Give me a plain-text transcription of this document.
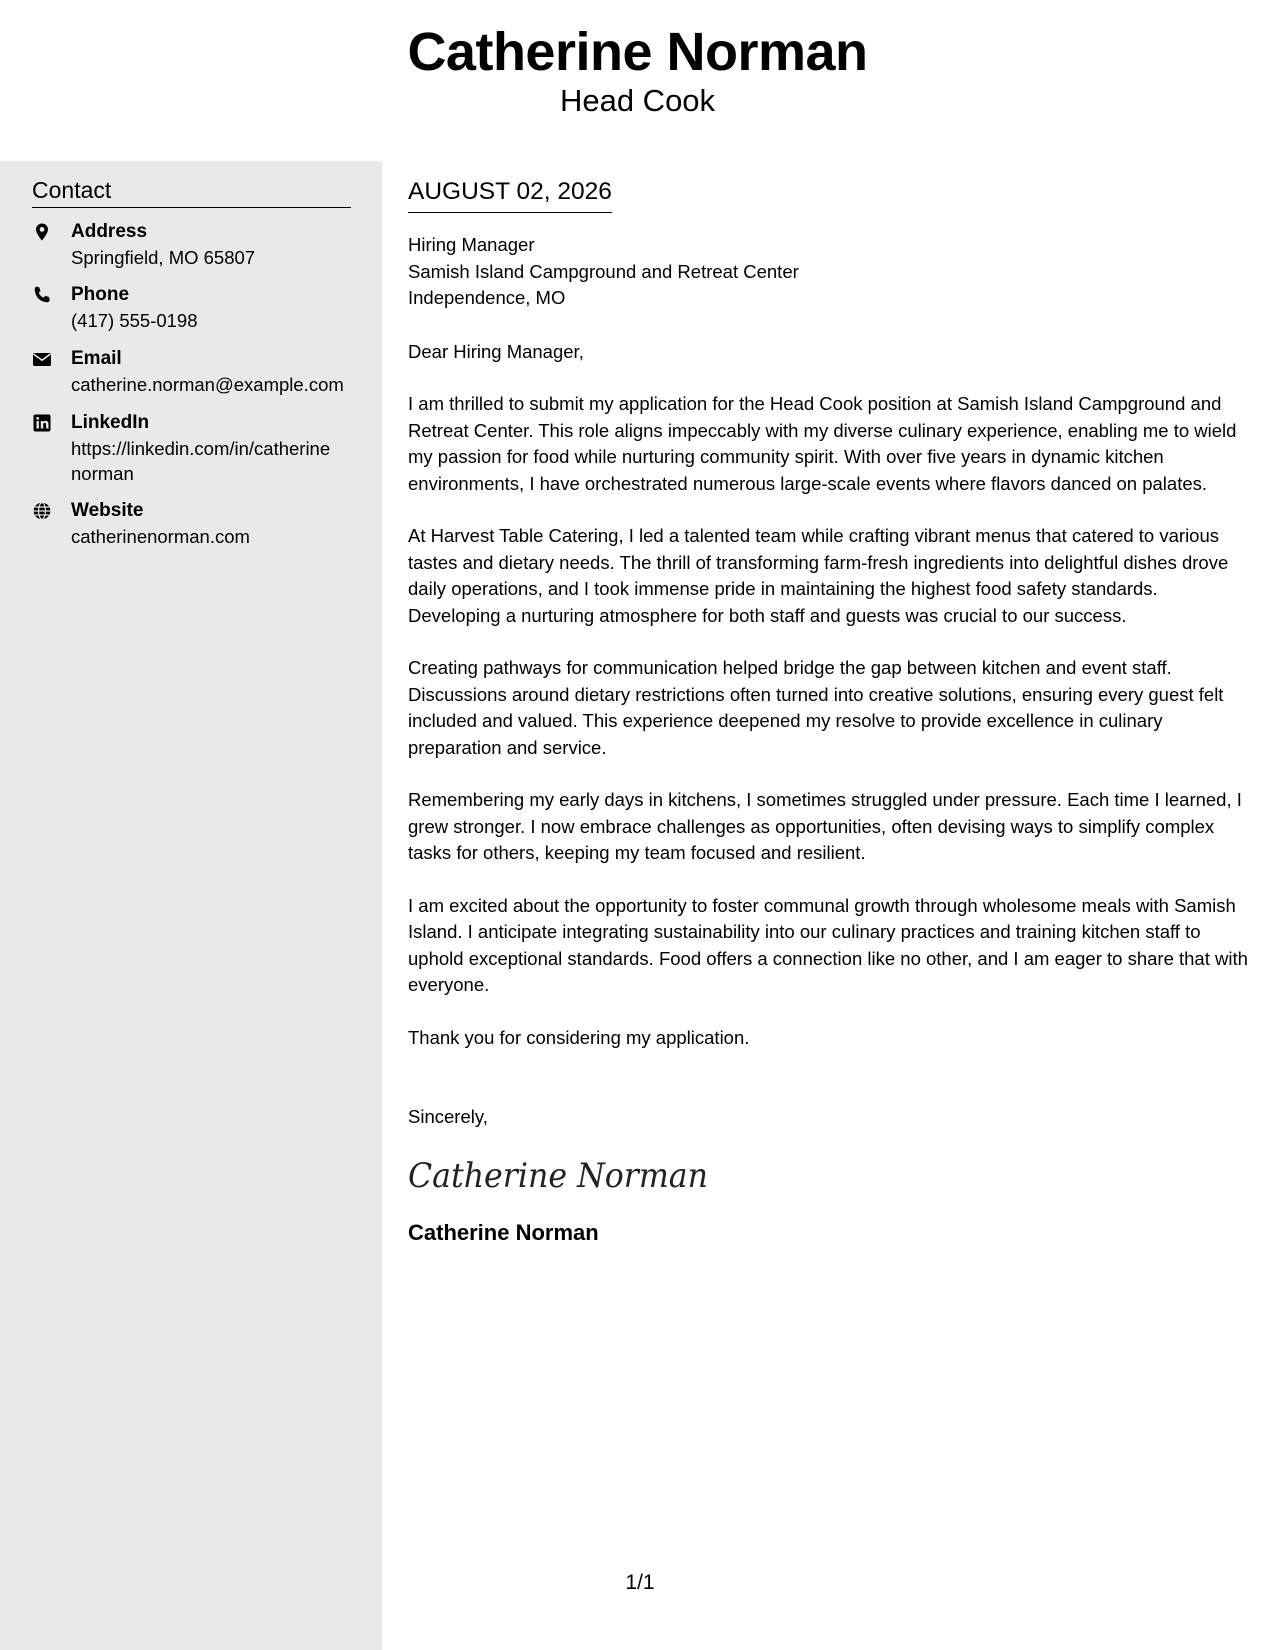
Catherine Norman
Head Cook
Contact
Address
Springfield, MO 65807
Phone
(417) 555-0198
Email
catherine.norman@example.com
LinkedIn
https://linkedin.com/in/catherine norman
Website
catherinenorman.com
AUGUST 02, 2026
Hiring Manager
Samish Island Campground and Retreat Center
Independence, MO
Dear Hiring Manager,
I am thrilled to submit my application for the Head Cook position at Samish Island Campground and Retreat Center. This role aligns impeccably with my diverse culinary experience, enabling me to wield my passion for food while nurturing community spirit. With over five years in dynamic kitchen environments, I have orchestrated numerous large-scale events where flavors danced on palates.
At Harvest Table Catering, I led a talented team while crafting vibrant menus that catered to various tastes and dietary needs. The thrill of transforming farm-fresh ingredients into delightful dishes drove daily operations, and I took immense pride in maintaining the highest food safety standards. Developing a nurturing atmosphere for both staff and guests was crucial to our success.
Creating pathways for communication helped bridge the gap between kitchen and event staff. Discussions around dietary restrictions often turned into creative solutions, ensuring every guest felt included and valued. This experience deepened my resolve to provide excellence in culinary preparation and service.
Remembering my early days in kitchens, I sometimes struggled under pressure. Each time I learned, I grew stronger. I now embrace challenges as opportunities, often devising ways to simplify complex tasks for others, keeping my team focused and resilient.
I am excited about the opportunity to foster communal growth through wholesome meals with Samish Island. I anticipate integrating sustainability into our culinary practices and training kitchen staff to uphold exceptional standards. Food offers a connection like no other, and I am eager to share that with everyone.
Thank you for considering my application.
Sincerely,
Catherine Norman
Catherine Norman
1/1
